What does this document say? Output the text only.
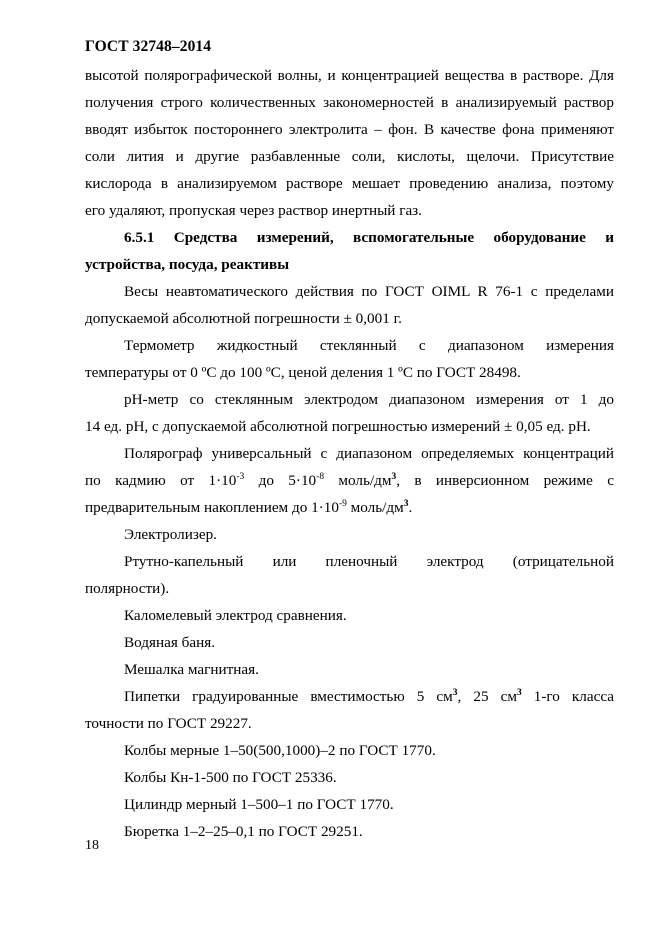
ГОСТ 32748–2014
высотой полярографической волны, и концентрацией вещества в растворе. Для
получения строго количественных закономерностей в анализируемый раствор
вводят избыток постороннего электролита – фон. В качестве фона применяют
соли лития и другие разбавленные соли, кислоты, щелочи. Присутствие
кислорода в анализируемом растворе мешает проведению анализа, поэтому
его удаляют, пропуская через раствор инертный газ.
6.5.1 Средства измерений, вспомогательные оборудование и
устройства, посуда, реактивы
Весы неавтоматического действия по ГОСТ OIML R 76-1 с пределами
допускаемой абсолютной погрешности ± 0,001 г.
Термометр жидкостный стеклянный с диапазоном измерения
температуры от 0 ºC до 100 ºC, ценой деления 1 ºC по ГОСТ 28498.
рН-метр со стеклянным электродом диапазоном измерения от 1 до
14 ед. рН, с допускаемой абсолютной погрешностью измерений ± 0,05 ед. рН.
Полярограф универсальный с диапазоном определяемых концентраций
по кадмию от $1\cdot 10^{-3}$ до $5\cdot 10^{-8}$ моль/$дм^3$, в инверсионном режиме с
предварительным накоплением до $1\cdot 10^{-9}$ моль/$дм^3$.
Электролизер.
Ртутно-капельный или пленочный электрод (отрицательной
полярности).
Каломелевый электрод сравнения.
Водяная баня.
Мешалка магнитная.
Пипетки градуированные вместимостью 5 $см^3$, 25 $см^3$ 1-го класса
точности по ГОСТ 29227.
Колбы мерные 1–50(500,1000)–2 по ГОСТ 1770.
Колбы Кн-1-500 по ГОСТ 25336.
Цилиндр мерный 1–500–1 по ГОСТ 1770.
Бюретка 1–2–25–0,1 по ГОСТ 29251.
18
